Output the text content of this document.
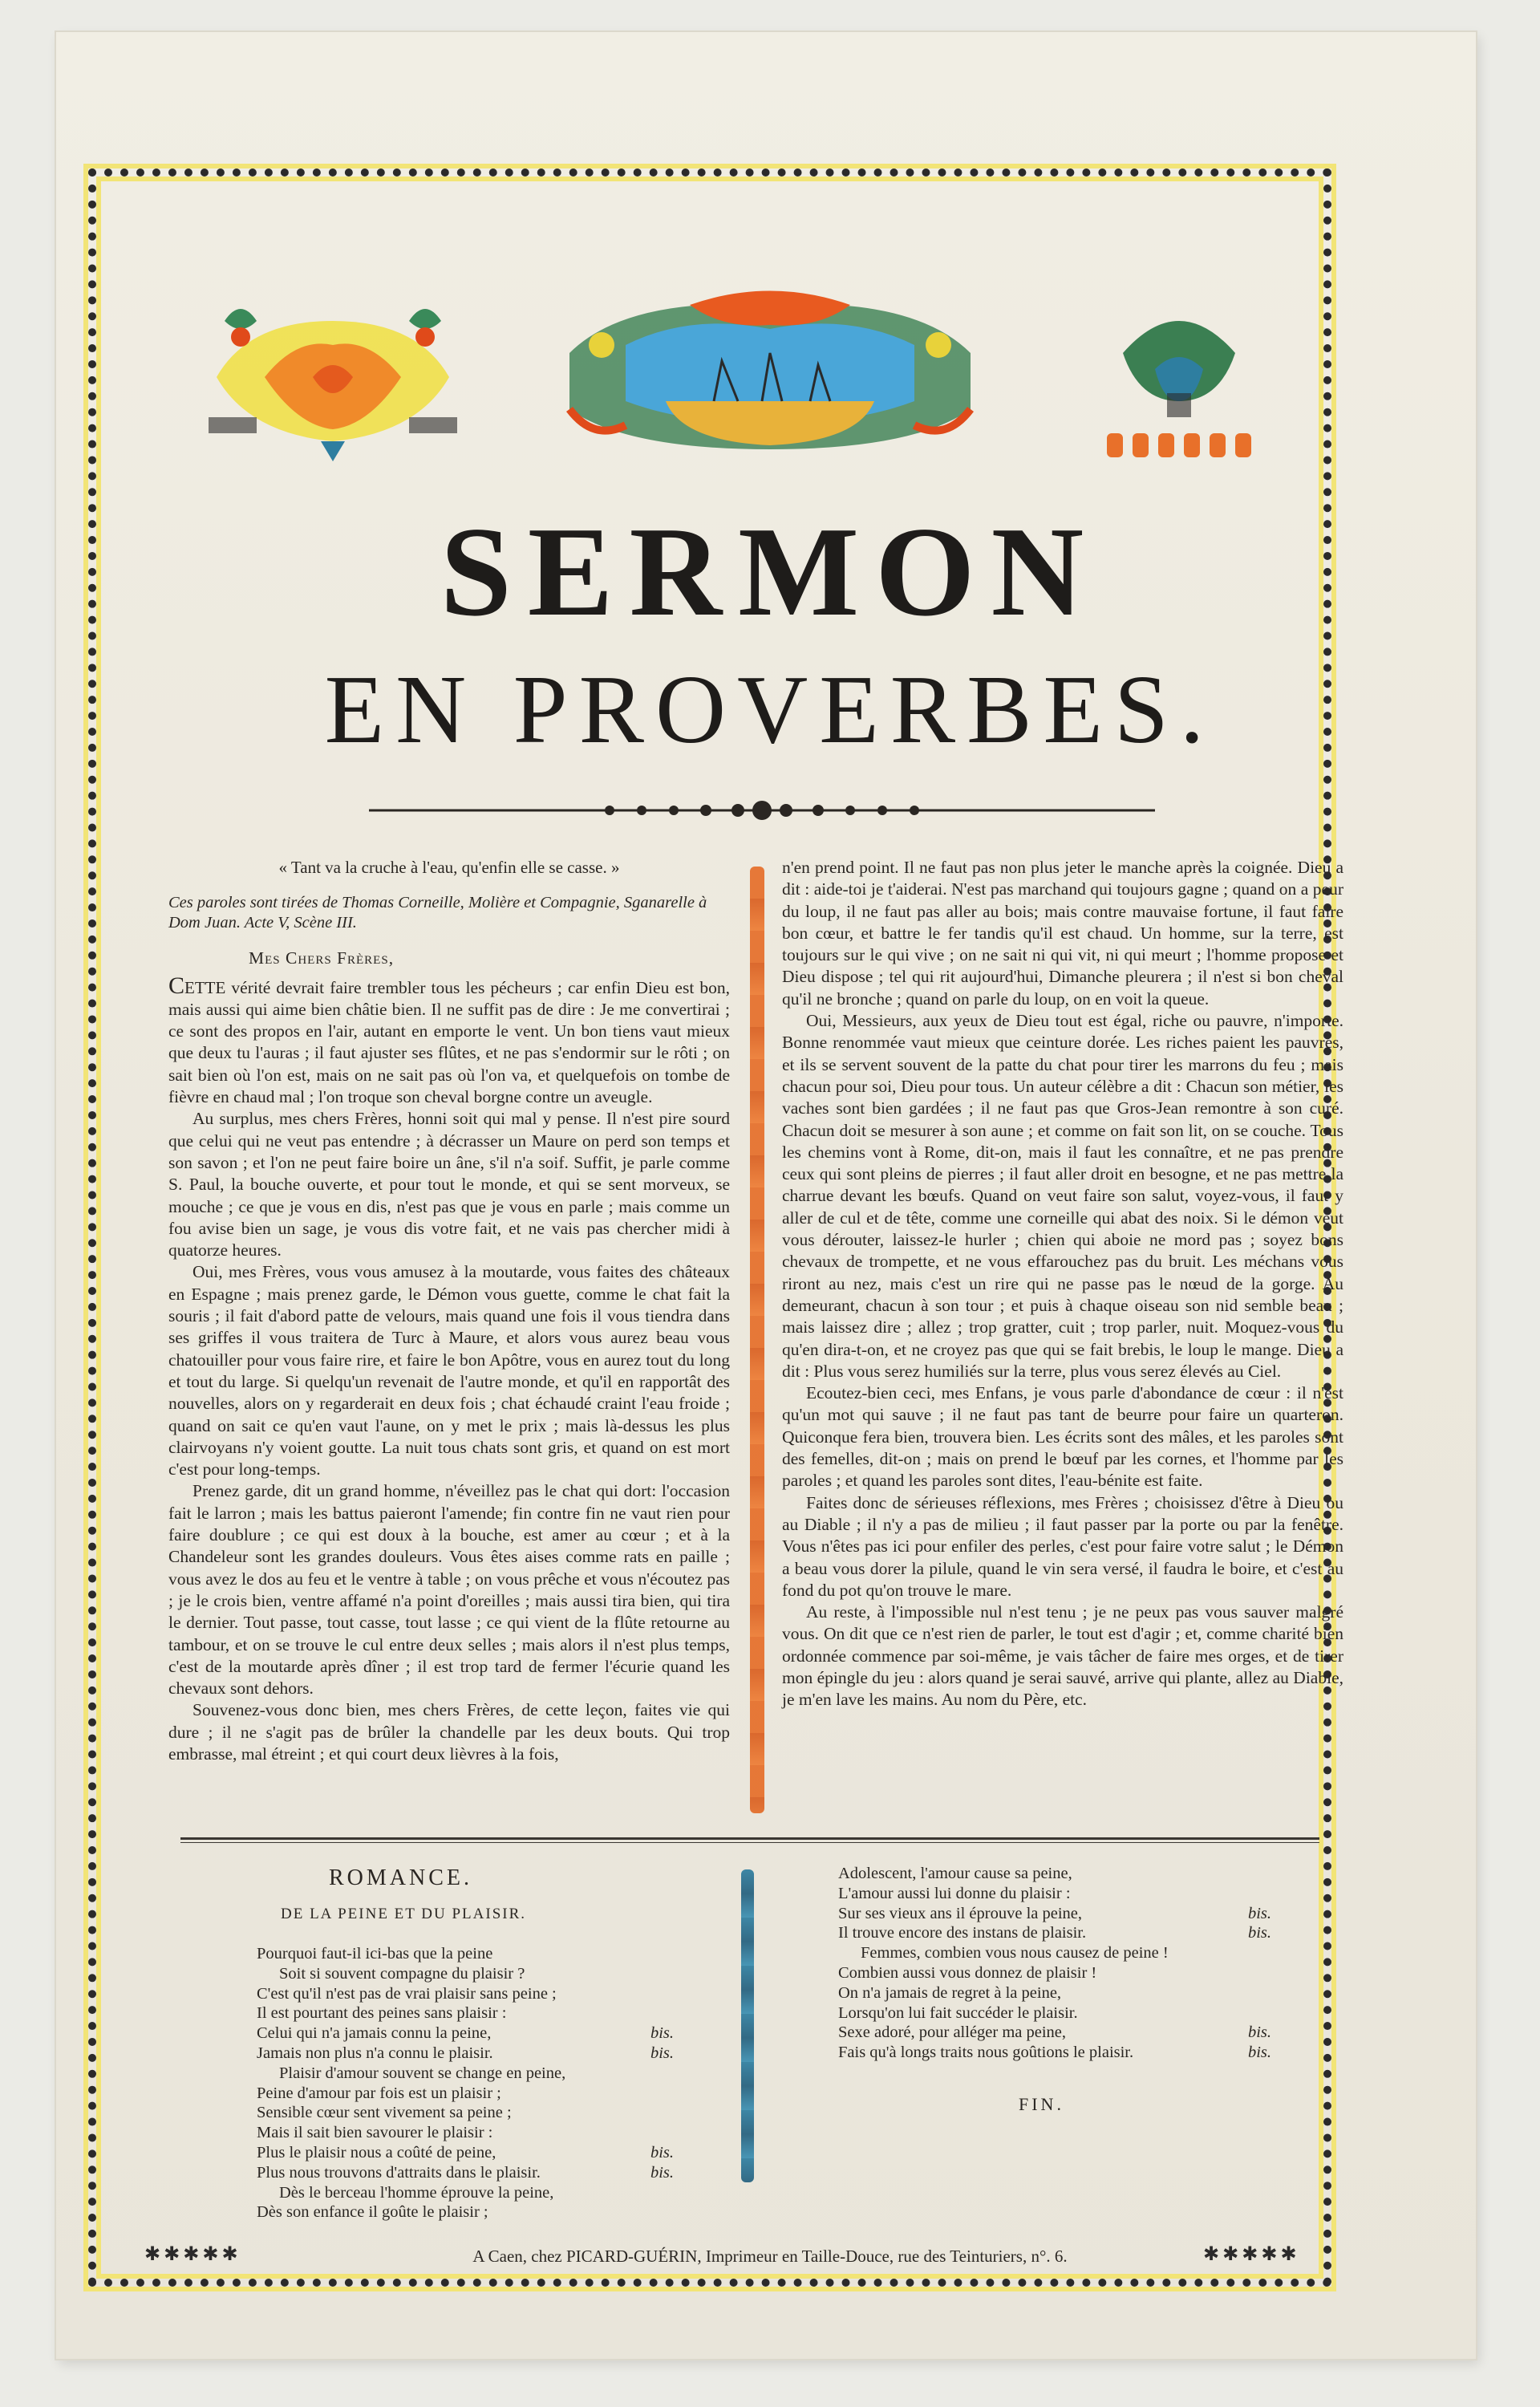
SERMON
EN PROVERBES.

« Tant va la cruche à l'eau, qu'enfin elle se casse. »

Ces paroles sont tirées de Thomas Corneille, Molière et Compagnie, Sganarelle à Dom Juan. Acte V, Scène III.

Mes Chers Frères,

Cette vérité devrait faire trembler tous les pécheurs ; car enfin Dieu est bon, mais aussi qui aime bien châtie bien. Il ne suffit pas de dire : Je me convertirai ; ce sont des propos en l'air, autant en emporte le vent. Un bon tiens vaut mieux que deux tu l'auras ; il faut ajuster ses flûtes, et ne pas s'endormir sur le rôti ; on sait bien où l'on est, mais on ne sait pas où l'on va, et quelquefois on tombe de fièvre en chaud mal ; l'on troque son cheval borgne contre un aveugle.

Au surplus, mes chers Frères, honni soit qui mal y pense. Il n'est pire sourd que celui qui ne veut pas entendre ; à décrasser un Maure on perd son temps et son savon ; et l'on ne peut faire boire un âne, s'il n'a soif. Suffit, je parle comme S. Paul, la bouche ouverte, et pour tout le monde, et qui se sent morveux, se mouche ; ce que je vous en dis, n'est pas que je vous en parle ; mais comme un fou avise bien un sage, je vous dis votre fait, et ne vais pas chercher midi à quatorze heures.

Oui, mes Frères, vous vous amusez à la moutarde, vous faites des châteaux en Espagne ; mais prenez garde, le Démon vous guette, comme le chat fait la souris ; il fait d'abord patte de velours, mais quand une fois il vous tiendra dans ses griffes il vous traitera de Turc à Maure, et alors vous aurez beau vous chatouiller pour vous faire rire, et faire le bon Apôtre, vous en aurez tout du long et tout du large. Si quelqu'un revenait de l'autre monde, et qu'il en rapportât des nouvelles, alors on y regarderait en deux fois ; chat échaudé craint l'eau froide ; quand on sait ce qu'en vaut l'aune, on y met le prix ; mais là-dessus les plus clairvoyans n'y voient goutte. La nuit tous chats sont gris, et quand on est mort c'est pour long-temps.

Prenez garde, dit un grand homme, n'éveillez pas le chat qui dort: l'occasion fait le larron ; mais les battus paieront l'amende; fin contre fin ne vaut rien pour faire doublure ; ce qui est doux à la bouche, est amer au cœur ; et à la Chandeleur sont les grandes douleurs. Vous êtes aises comme rats en paille ; vous avez le dos au feu et le ventre à table ; on vous prêche et vous n'écoutez pas ; je le crois bien, ventre affamé n'a point d'oreilles ; mais aussi tira bien, qui tira le dernier. Tout passe, tout casse, tout lasse ; ce qui vient de la flûte retourne au tambour, et on se trouve le cul entre deux selles ; mais alors il n'est plus temps, c'est de la moutarde après dîner ; il est trop tard de fermer l'écurie quand les chevaux sont dehors.

Souvenez-vous donc bien, mes chers Frères, de cette leçon, faites vie qui dure ; il ne s'agit pas de brûler la chandelle par les deux bouts. Qui trop embrasse, mal étreint ; et qui court deux lièvres à la fois,

n'en prend point. Il ne faut pas non plus jeter le manche après la coignée. Dieu a dit : aide-toi je t'aiderai. N'est pas marchand qui toujours gagne ; quand on a peur du loup, il ne faut pas aller au bois; mais contre mauvaise fortune, il faut faire bon cœur, et battre le fer tandis qu'il est chaud. Un homme, sur la terre, est toujours sur le qui vive ; on ne sait ni qui vit, ni qui meurt ; l'homme propose et Dieu dispose ; tel qui rit aujourd'hui, Dimanche pleurera ; il n'est si bon cheval qu'il ne bronche ; quand on parle du loup, on en voit la queue.

Oui, Messieurs, aux yeux de Dieu tout est égal, riche ou pauvre, n'importe. Bonne renommée vaut mieux que ceinture dorée. Les riches paient les pauvres, et ils se servent souvent de la patte du chat pour tirer les marrons du feu ; mais chacun pour soi, Dieu pour tous. Un auteur célèbre a dit : Chacun son métier, les vaches sont bien gardées ; il ne faut pas que Gros-Jean remontre à son curé. Chacun doit se mesurer à son aune ; et comme on fait son lit, on se couche. Tous les chemins vont à Rome, dit-on, mais il faut les connaître, et ne pas prendre ceux qui sont pleins de pierres ; il faut aller droit en besogne, et ne pas mettre la charrue devant les bœufs. Quand on veut faire son salut, voyez-vous, il faut y aller de cul et de tête, comme une corneille qui abat des noix. Si le démon veut vous dérouter, laissez-le hurler ; chien qui aboie ne mord pas ; soyez bons chevaux de trompette, et ne vous effarouchez pas du bruit. Les méchans vous riront au nez, mais c'est un rire qui ne passe pas le nœud de la gorge. Au demeurant, chacun à son tour ; et puis à chaque oiseau son nid semble beau ; mais laissez dire ; allez ; trop gratter, cuit ; trop parler, nuit. Moquez-vous du qu'en dira-t-on, et ne croyez pas que qui se fait brebis, le loup le mange. Dieu a dit : Plus vous serez humiliés sur la terre, plus vous serez élevés au Ciel.

Ecoutez-bien ceci, mes Enfans, je vous parle d'abondance de cœur : il n'est qu'un mot qui sauve ; il ne faut pas tant de beurre pour faire un quarteron. Quiconque fera bien, trouvera bien. Les écrits sont des mâles, et les paroles sont des femelles, dit-on ; mais on prend le bœuf par les cornes, et l'homme par les paroles ; et quand les paroles sont dites, l'eau-bénite est faite.

Faites donc de sérieuses réflexions, mes Frères ; choisissez d'être à Dieu ou au Diable ; il n'y a pas de milieu ; il faut passer par la porte ou par la fenêtre. Vous n'êtes pas ici pour enfiler des perles, c'est pour faire votre salut ; le Démon a beau vous dorer la pilule, quand le vin sera versé, il faudra le boire, et c'est au fond du pot qu'on trouve le mare.

Au reste, à l'impossible nul n'est tenu ; je ne peux pas vous sauver malgré vous. On dit que ce n'est rien de parler, le tout est d'agir ; et, comme charité bien ordonnée commence par soi-même, je vais tâcher de faire mes orges, et de tirer mon épingle du jeu : alors quand je serai sauvé, arrive qui plante, allez au Diable, je m'en lave les mains. Au nom du Père, etc.

ROMANCE.
DE LA PEINE ET DU PLAISIR.
Pourquoi faut-il ici-bas que la peine
Soit si souvent compagne du plaisir ?
C'est qu'il n'est pas de vrai plaisir sans peine ;
Il est pourtant des peines sans plaisir :
Celui qui n'a jamais connu la peine,	bis.
Jamais non plus n'a connu le plaisir.	bis.
Plaisir d'amour souvent se change en peine,
Peine d'amour par fois est un plaisir ;
Sensible cœur sent vivement sa peine ;
Mais il sait bien savourer le plaisir :
Plus le plaisir nous a coûté de peine,	bis.
Plus nous trouvons d'attraits dans le plaisir.	bis.
Dès le berceau l'homme éprouve la peine,
Dès son enfance il goûte le plaisir ;
Adolescent, l'amour cause sa peine,
L'amour aussi lui donne du plaisir :
Sur ses vieux ans il éprouve la peine,	bis.
Il trouve encore des instans de plaisir.	bis.
Femmes, combien vous nous causez de peine !
Combien aussi vous donnez de plaisir !
On n'a jamais de regret à la peine,
Lorsqu'on lui fait succéder le plaisir.
Sexe adoré, pour alléger ma peine,	bis.
Fais qu'à longs traits nous goûtions le plaisir.	bis.
FIN.
✱✱✱✱✱	A Caen, chez PICARD-GUÉRIN, Imprimeur en Taille-Douce, rue des Teinturiers, n°. 6.	✱✱✱✱✱
